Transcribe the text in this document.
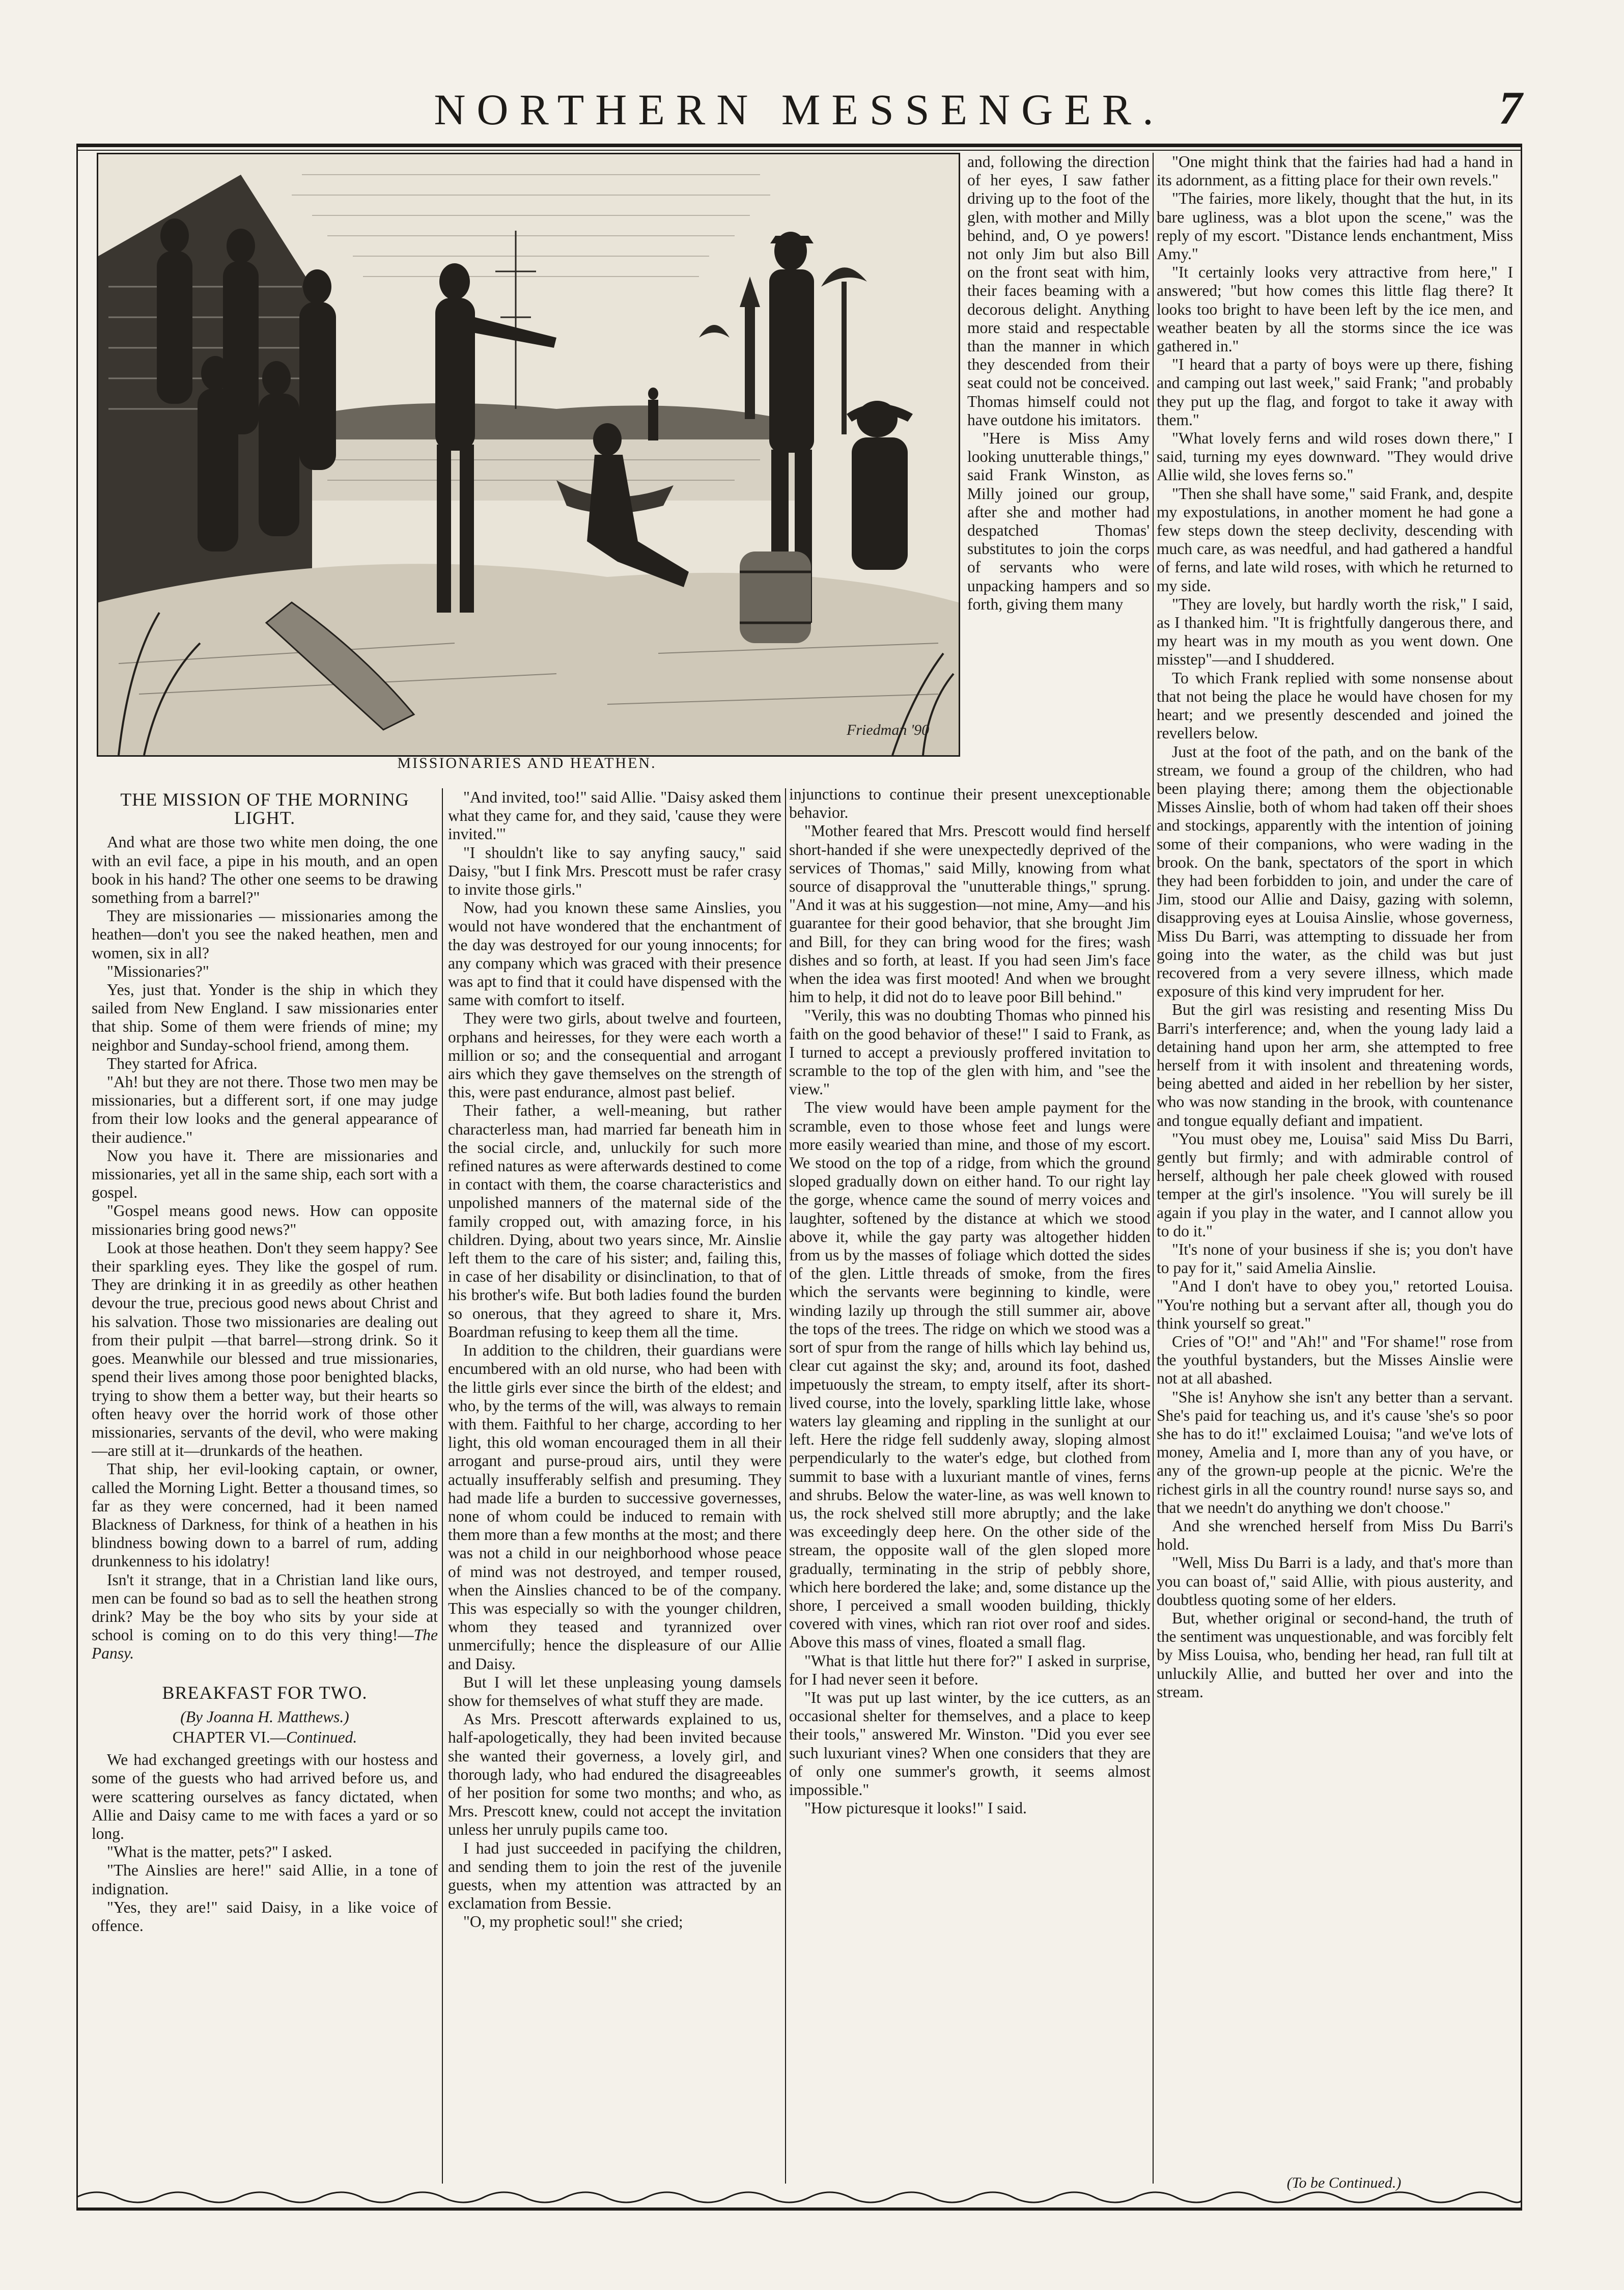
NORTHERN MESSENGER.	7
Friedman '90
MISSIONARIES AND HEATHEN.

THE MISSION OF THE MORNING LIGHT.

And what are those two white men doing, the one with an evil face, a pipe in his mouth, and an open book in his hand? The other one seems to be drawing something from a barrel?"

They are missionaries — missionaries among the heathen—don't you see the naked heathen, men and women, six in all?

"Missionaries?"

Yes, just that. Yonder is the ship in which they sailed from New England. I saw missionaries enter that ship. Some of them were friends of mine; my neighbor and Sunday-school friend, among them.

They started for Africa.

"Ah! but they are not there. Those two men may be missionaries, but a different sort, if one may judge from their low looks and the general appearance of their audience."

Now you have it. There are missionaries and missionaries, yet all in the same ship, each sort with a gospel.

"Gospel means good news. How can opposite missionaries bring good news?"

Look at those heathen. Don't they seem happy? See their sparkling eyes. They like the gospel of rum. They are drinking it in as greedily as other heathen devour the true, precious good news about Christ and his salvation. Those two missionaries are dealing out from their pulpit —that barrel—strong drink. So it goes. Meanwhile our blessed and true missionaries, spend their lives among those poor benighted blacks, trying to show them a better way, but their hearts so often heavy over the horrid work of those other missionaries, servants of the devil, who were making—are still at it—drunkards of the heathen.

That ship, her evil-looking captain, or owner, called the Morning Light. Better a thousand times, so far as they were concerned, had it been named Blackness of Darkness, for think of a heathen in his blindness bowing down to a barrel of rum, adding drunkenness to his idolatry!

Isn't it strange, that in a Christian land like ours, men can be found so bad as to sell the heathen strong drink? May be the boy who sits by your side at school is coming on to do this very thing!—The Pansy.

BREAKFAST FOR TWO.

(By Joanna H. Matthews.)

CHAPTER VI.—Continued.

We had exchanged greetings with our hostess and some of the guests who had arrived before us, and were scattering ourselves as fancy dictated, when Allie and Daisy came to me with faces a yard or so long.

"What is the matter, pets?" I asked.

"The Ainslies are here!" said Allie, in a tone of indignation.

"Yes, they are!" said Daisy, in a like voice of offence.

"And invited, too!" said Allie. "Daisy asked them what they came for, and they said, 'cause they were invited.'"

"I shouldn't like to say anyfing saucy," said Daisy, "but I fink Mrs. Prescott must be rafer crasy to invite those girls."

Now, had you known these same Ainslies, you would not have wondered that the enchantment of the day was destroyed for our young innocents; for any company which was graced with their presence was apt to find that it could have dispensed with the same with comfort to itself.

They were two girls, about twelve and fourteen, orphans and heiresses, for they were each worth a million or so; and the consequential and arrogant airs which they gave themselves on the strength of this, were past endurance, almost past belief.

Their father, a well-meaning, but rather characterless man, had married far beneath him in the social circle, and, unluckily for such more refined natures as were afterwards destined to come in contact with them, the coarse characteristics and unpolished manners of the maternal side of the family cropped out, with amazing force, in his children. Dying, about two years since, Mr. Ainslie left them to the care of his sister; and, failing this, in case of her disability or disinclination, to that of his brother's wife. But both ladies found the burden so onerous, that they agreed to share it, Mrs. Boardman refusing to keep them all the time.

In addition to the children, their guardians were encumbered with an old nurse, who had been with the little girls ever since the birth of the eldest; and who, by the terms of the will, was always to remain with them. Faithful to her charge, according to her light, this old woman encouraged them in all their arrogant and purse-proud airs, until they were actually insufferably selfish and presuming. They had made life a burden to successive governesses, none of whom could be induced to remain with them more than a few months at the most; and there was not a child in our neighborhood whose peace of mind was not destroyed, and temper roused, when the Ainslies chanced to be of the company. This was especially so with the younger children, whom they teased and tyrannized over unmercifully; hence the displeasure of our Allie and Daisy.

But I will let these unpleasing young damsels show for themselves of what stuff they are made.

As Mrs. Prescott afterwards explained to us, half-apologetically, they had been invited because she wanted their governess, a lovely girl, and thorough lady, who had endured the disagreeables of her position for some two months; and who, as Mrs. Prescott knew, could not accept the invitation unless her unruly pupils came too.

I had just succeeded in pacifying the children, and sending them to join the rest of the juvenile guests, when my attention was attracted by an exclamation from Bessie.

"O, my prophetic soul!" she cried;

and, following the direction of her eyes, I saw father driving up to the foot of the glen, with mother and Milly behind, and, O ye powers! not only Jim but also Bill on the front seat with him, their faces beaming with a decorous delight. Anything more staid and respectable than the manner in which they descended from their seat could not be conceived. Thomas himself could not have outdone his imitators.

"Here is Miss Amy looking unutterable things," said Frank Winston, as Milly joined our group, after she and mother had despatched Thomas' substitutes to join the corps of servants who were unpacking hampers and so forth, giving them many

injunctions to continue their present unexceptionable behavior.

"Mother feared that Mrs. Prescott would find herself short-handed if she were unexpectedly deprived of the services of Thomas," said Milly, knowing from what source of disapproval the "unutterable things," sprung. "And it was at his suggestion—not mine, Amy—and his guarantee for their good behavior, that she brought Jim and Bill, for they can bring wood for the fires; wash dishes and so forth, at least. If you had seen Jim's face when the idea was first mooted! And when we brought him to help, it did not do to leave poor Bill behind."

"Verily, this was no doubting Thomas who pinned his faith on the good behavior of these!" I said to Frank, as I turned to accept a previously proffered invitation to scramble to the top of the glen with him, and "see the view."

The view would have been ample payment for the scramble, even to those whose feet and lungs were more easily wearied than mine, and those of my escort. We stood on the top of a ridge, from which the ground sloped gradually down on either hand. To our right lay the gorge, whence came the sound of merry voices and laughter, softened by the distance at which we stood above it, while the gay party was altogether hidden from us by the masses of foliage which dotted the sides of the glen. Little threads of smoke, from the fires which the servants were beginning to kindle, were winding lazily up through the still summer air, above the tops of the trees. The ridge on which we stood was a sort of spur from the range of hills which lay behind us, clear cut against the sky; and, around its foot, dashed impetuously the stream, to empty itself, after its short-lived course, into the lovely, sparkling little lake, whose waters lay gleaming and rippling in the sunlight at our left. Here the ridge fell suddenly away, sloping almost perpendicularly to the water's edge, but clothed from summit to base with a luxuriant mantle of vines, ferns and shrubs. Below the water-line, as was well known to us, the rock shelved still more abruptly; and the lake was exceedingly deep here. On the other side of the stream, the opposite wall of the glen sloped more gradually, terminating in the strip of pebbly shore, which here bordered the lake; and, some distance up the shore, I perceived a small wooden building, thickly covered with vines, which ran riot over roof and sides. Above this mass of vines, floated a small flag.

"What is that little hut there for?" I asked in surprise, for I had never seen it before.

"It was put up last winter, by the ice cutters, as an occasional shelter for themselves, and a place to keep their tools," answered Mr. Winston. "Did you ever see such luxuriant vines? When one considers that they are of only one summer's growth, it seems almost impossible."

"How picturesque it looks!" I said.

"One might think that the fairies had had a hand in its adornment, as a fitting place for their own revels."

"The fairies, more likely, thought that the hut, in its bare ugliness, was a blot upon the scene," was the reply of my escort. "Distance lends enchantment, Miss Amy."

"It certainly looks very attractive from here," I answered; "but how comes this little flag there? It looks too bright to have been left by the ice men, and weather beaten by all the storms since the ice was gathered in."

"I heard that a party of boys were up there, fishing and camping out last week," said Frank; "and probably they put up the flag, and forgot to take it away with them."

"What lovely ferns and wild roses down there," I said, turning my eyes downward. "They would drive Allie wild, she loves ferns so."

"Then she shall have some," said Frank, and, despite my expostulations, in another moment he had gone a few steps down the steep declivity, descending with much care, as was needful, and had gathered a handful of ferns, and late wild roses, with which he returned to my side.

"They are lovely, but hardly worth the risk," I said, as I thanked him. "It is frightfully dangerous there, and my heart was in my mouth as you went down. One misstep"—and I shuddered.

To which Frank replied with some nonsense about that not being the place he would have chosen for my heart; and we presently descended and joined the revellers below.

Just at the foot of the path, and on the bank of the stream, we found a group of the children, who had been playing there; among them the objectionable Misses Ainslie, both of whom had taken off their shoes and stockings, apparently with the intention of joining some of their companions, who were wading in the brook. On the bank, spectators of the sport in which they had been forbidden to join, and under the care of Jim, stood our Allie and Daisy, gazing with solemn, disapproving eyes at Louisa Ainslie, whose governess, Miss Du Barri, was attempting to dissuade her from going into the water, as the child was but just recovered from a very severe illness, which made exposure of this kind very imprudent for her.

But the girl was resisting and resenting Miss Du Barri's interference; and, when the young lady laid a detaining hand upon her arm, she attempted to free herself from it with insolent and threatening words, being abetted and aided in her rebellion by her sister, who was now standing in the brook, with countenance and tongue equally defiant and impatient.

"You must obey me, Louisa" said Miss Du Barri, gently but firmly; and with admirable control of herself, although her pale cheek glowed with roused temper at the girl's insolence. "You will surely be ill again if you play in the water, and I cannot allow you to do it."

"It's none of your business if she is; you don't have to pay for it," said Amelia Ainslie.

"And I don't have to obey you," retorted Louisa. "You're nothing but a servant after all, though you do think yourself so great."

Cries of "O!" and "Ah!" and "For shame!" rose from the youthful bystanders, but the Misses Ainslie were not at all abashed.

"She is! Anyhow she isn't any better than a servant. She's paid for teaching us, and it's cause 'she's so poor she has to do it!" exclaimed Louisa; "and we've lots of money, Amelia and I, more than any of you have, or any of the grown-up people at the picnic. We're the richest girls in all the country round! nurse says so, and that we needn't do anything we don't choose."

And she wrenched herself from Miss Du Barri's hold.

"Well, Miss Du Barri is a lady, and that's more than you can boast of," said Allie, with pious austerity, and doubtless quoting some of her elders.

But, whether original or second-hand, the truth of the sentiment was unquestionable, and was forcibly felt by Miss Louisa, who, bending her head, ran full tilt at unluckily Allie, and butted her over and into the stream.

(To be Continued.)
